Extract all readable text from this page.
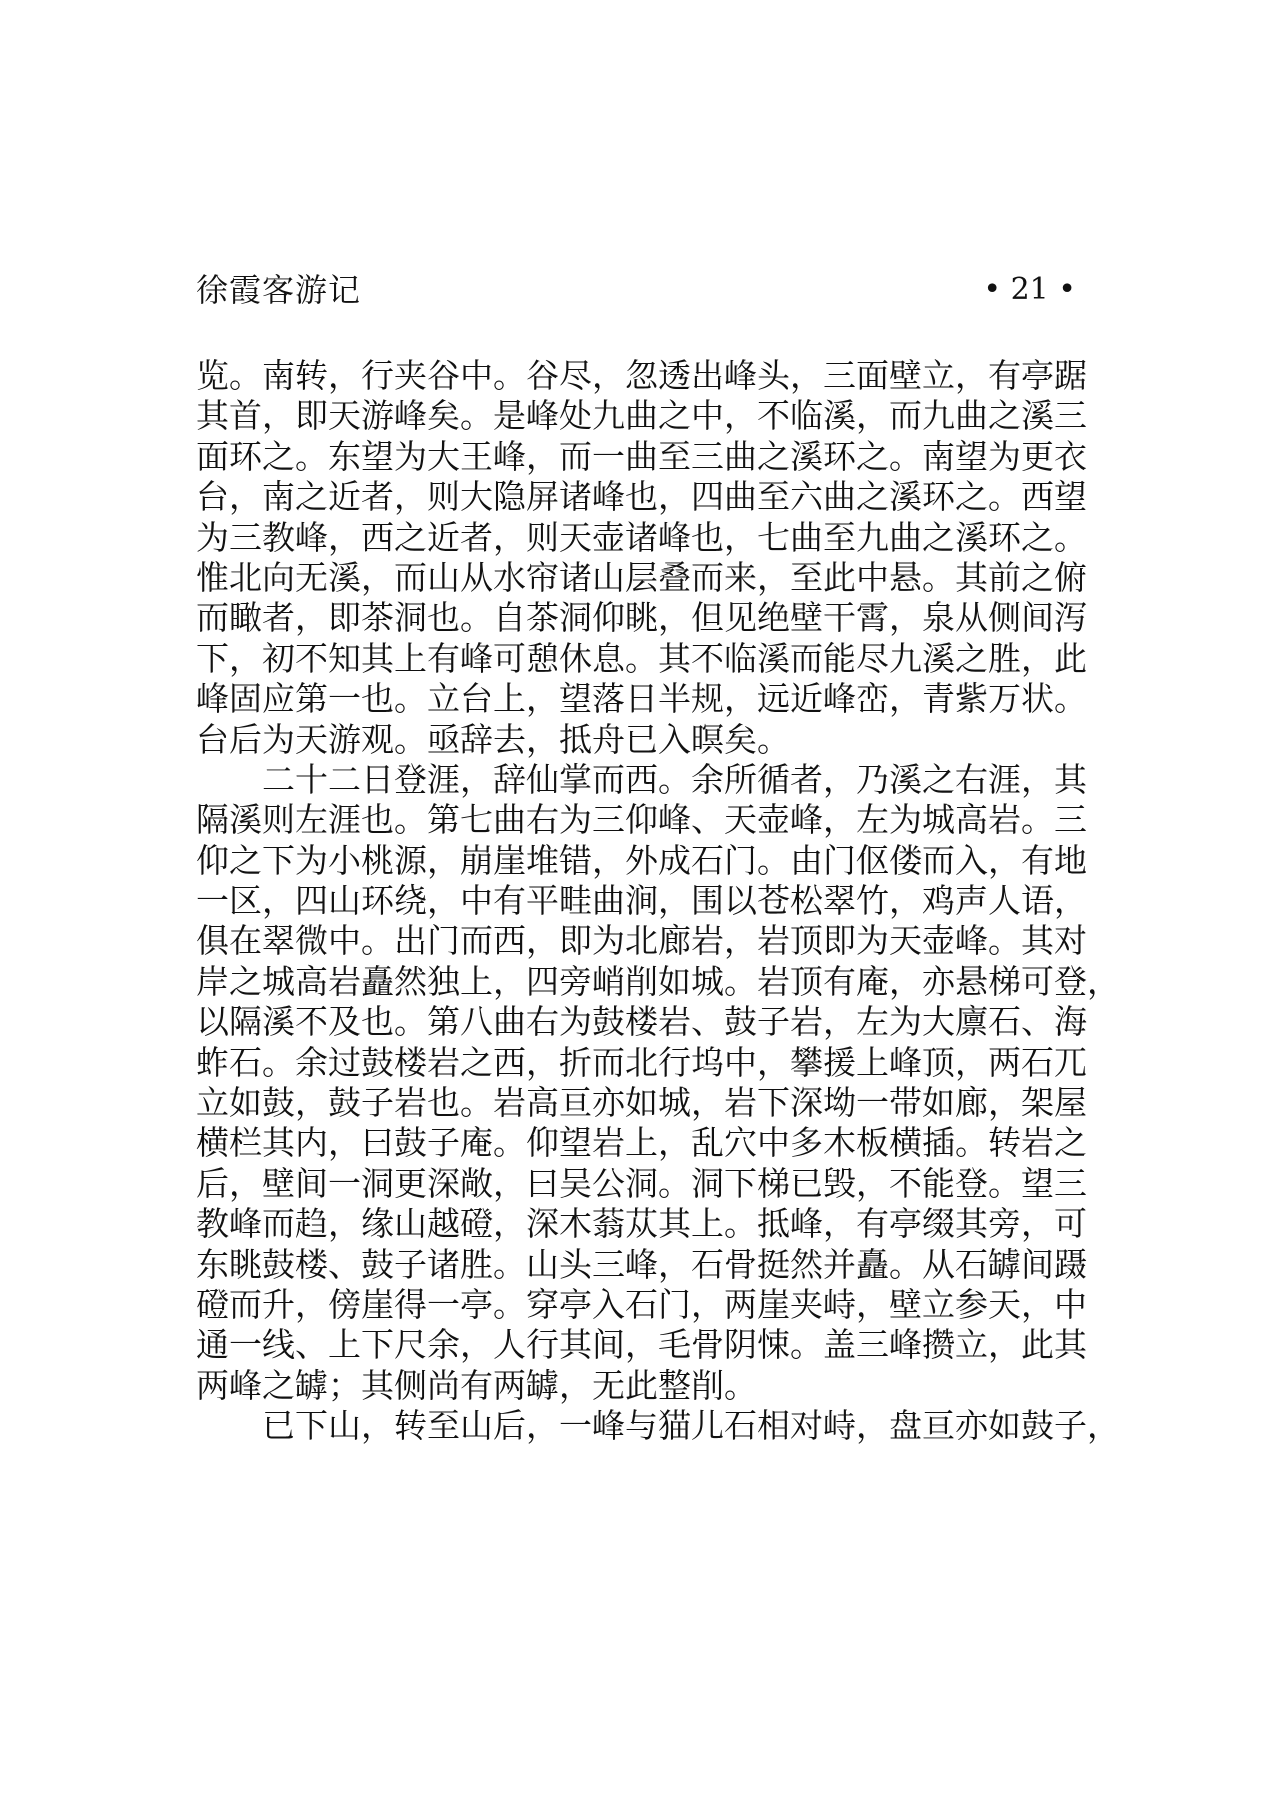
徐霞客游记	• 21 •
览。南转，行夹谷中。谷尽，忽透出峰头，三面壁立，有亭踞
其首，即天游峰矣。是峰处九曲之中，不临溪，而九曲之溪三
面环之。东望为大王峰，而一曲至三曲之溪环之。南望为更衣
台，南之近者，则大隐屏诸峰也，四曲至六曲之溪环之。西望
为三教峰，西之近者，则天壶诸峰也，七曲至九曲之溪环之。
惟北向无溪，而山从水帘诸山层叠而来，至此中悬。其前之俯
而瞰者，即茶洞也。自茶洞仰眺，但见绝壁干霄，泉从侧间泻
下，初不知其上有峰可憩休息。其不临溪而能尽九溪之胜，此
峰固应第一也。立台上，望落日半规，远近峰峦，青紫万状。
台后为天游观。亟辞去，抵舟已入暝矣。
二十二日登涯，辞仙掌而西。余所循者，乃溪之右涯，其
隔溪则左涯也。第七曲右为三仰峰、天壶峰，左为城高岩。三
仰之下为小桃源，崩崖堆错，外成石门。由门伛偻而入，有地
一区，四山环绕，中有平畦曲涧，围以苍松翠竹，鸡声人语，
俱在翠微中。出门而西，即为北廊岩，岩顶即为天壶峰。其对
岸之城高岩矗然独上，四旁峭削如城。岩顶有庵，亦悬梯可登，
以隔溪不及也。第八曲右为鼓楼岩、鼓子岩，左为大廪石、海
蚱石。余过鼓楼岩之西，折而北行坞中，攀援上峰顶，两石兀
立如鼓，鼓子岩也。岩高亘亦如城，岩下深坳一带如廊，架屋
横栏其内，曰鼓子庵。仰望岩上，乱穴中多木板横插。转岩之
后，壁间一洞更深敞，曰吴公洞。洞下梯已毁，不能登。望三
教峰而趋，缘山越磴，深木蓊苁其上。抵峰，有亭缀其旁，可
东眺鼓楼、鼓子诸胜。山头三峰，石骨挺然并矗。从石罅间蹑
磴而升，傍崖得一亭。穿亭入石门，两崖夹峙，壁立参天，中
通一线、上下尺余，人行其间，毛骨阴悚。盖三峰攒立，此其
两峰之罅；其侧尚有两罅，无此整削。
已下山，转至山后，一峰与猫儿石相对峙，盘亘亦如鼓子，
